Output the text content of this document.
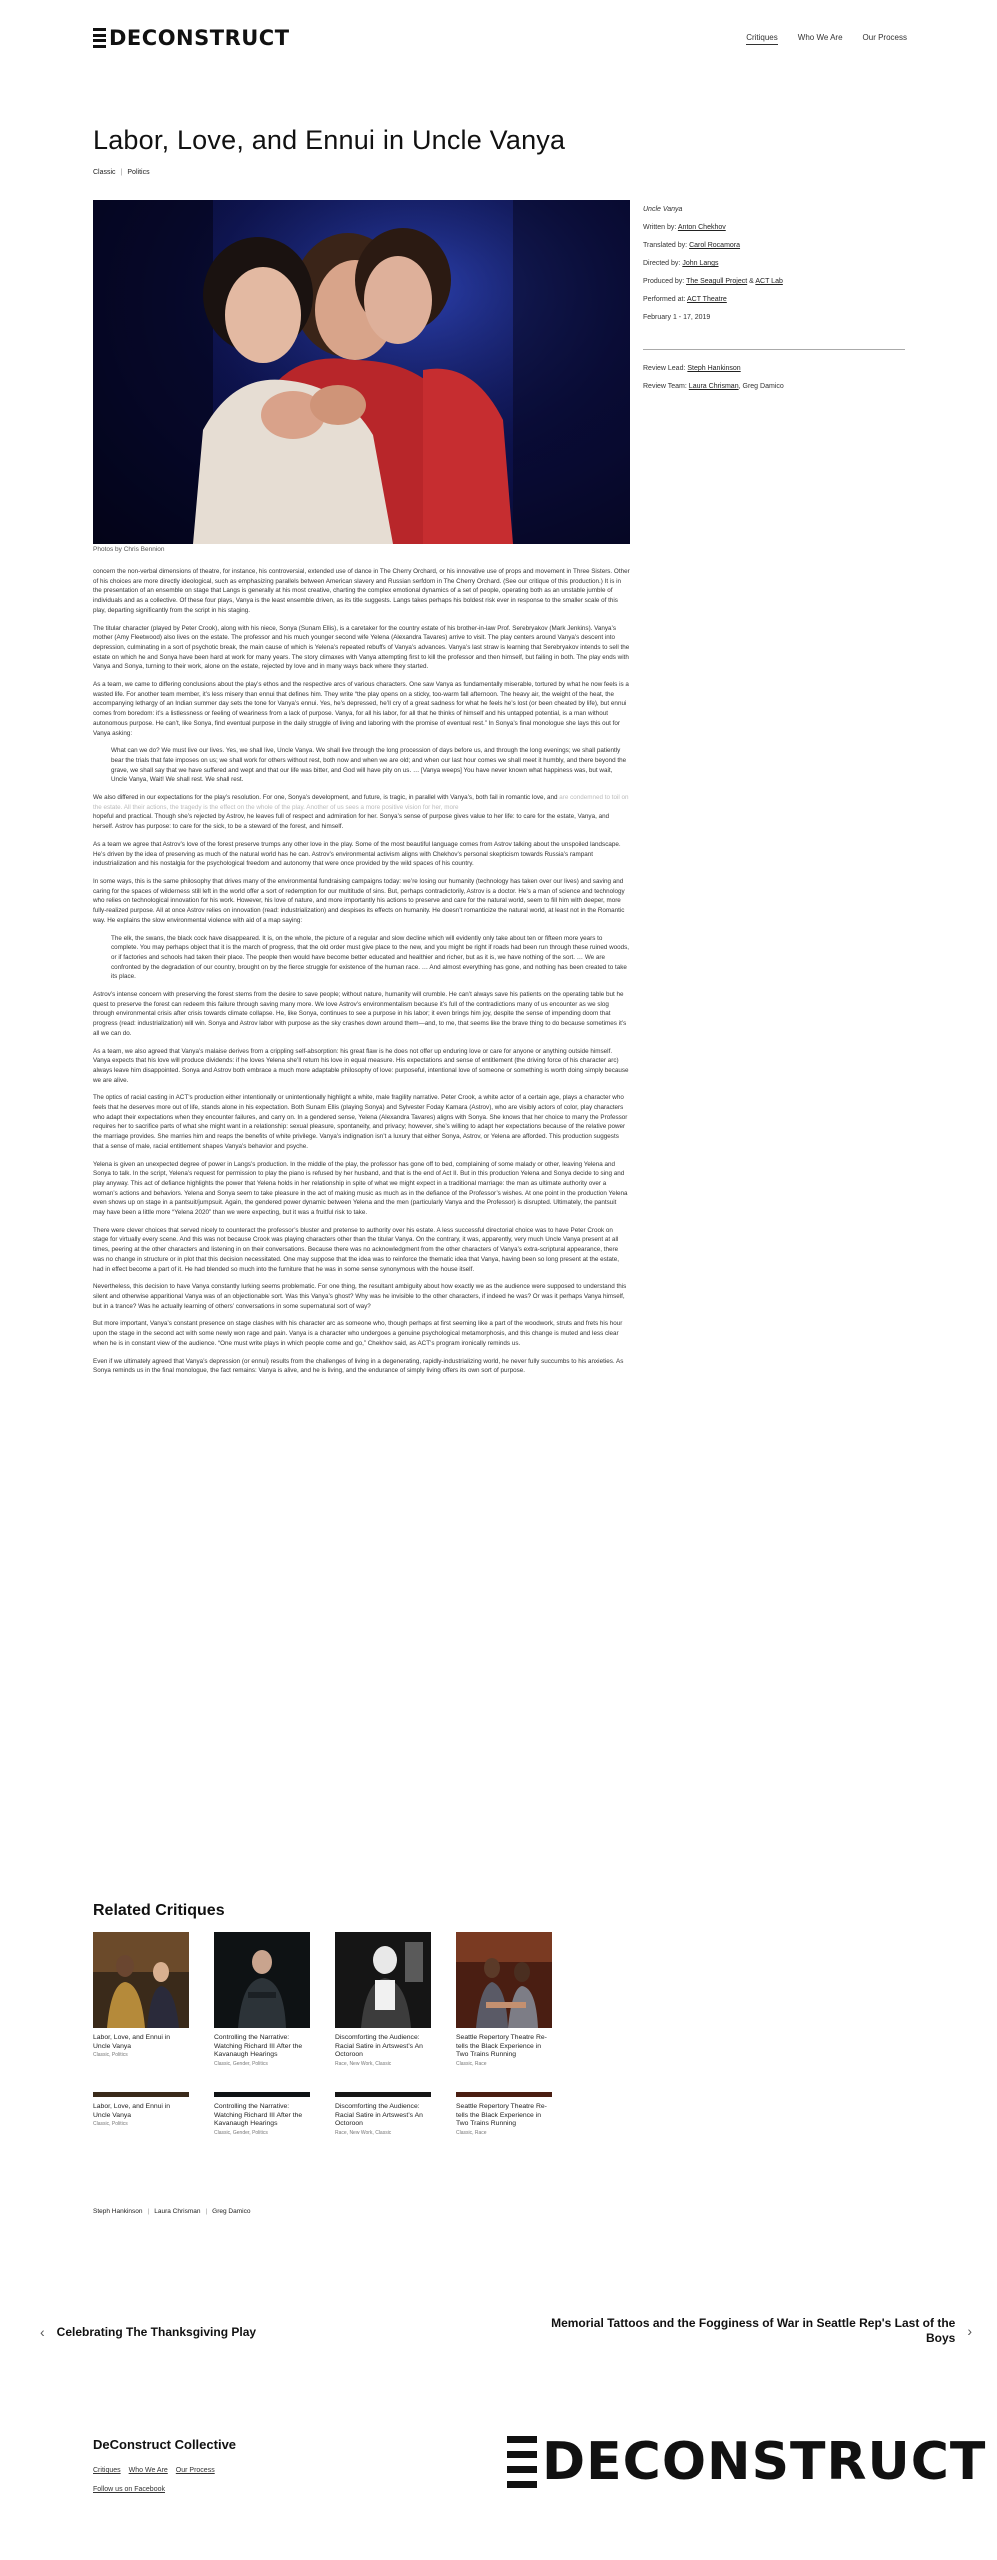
DECONSTRUCT	Critiques	Who We Are	Our Process
Labor, Love, and Ennui in Uncle Vanya
Classic | Politics
Photos by Chris Bennion
Uncle Vanya
Written by: Anton Chekhov
Translated by: Carol Rocamora
Directed by: John Langs
Produced by: The Seagull Project & ACT Lab
Performed at: ACT Theatre
February 1 - 17, 2019
Review Lead: Steph Hankinson
Review Team: Laura Chrisman, Greg Damico

concern the non-verbal dimensions of theatre, for instance, his controversial, extended use of dance in The Cherry Orchard, or his innovative use of props and movement in Three Sisters. Other of his choices are more directly ideological, such as emphasizing parallels between American slavery and Russian serfdom in The Cherry Orchard. (See our critique of this production.) It is in the presentation of an ensemble on stage that Langs is generally at his most creative, charting the complex emotional dynamics of a set of people, operating both as an unstable jumble of individuals and as a collective. Of these four plays, Vanya is the least ensemble driven, as its title suggests. Langs takes perhaps his boldest risk ever in response to the smaller scale of this play, departing significantly from the script in his staging.

The titular character (played by Peter Crook), along with his niece, Sonya (Sunam Ellis), is a caretaker for the country estate of his brother-in-law Prof. Serebryakov (Mark Jenkins). Vanya’s mother (Amy Fleetwood) also lives on the estate. The professor and his much younger second wife Yelena (Alexandra Tavares) arrive to visit. The play centers around Vanya’s descent into depression, culminating in a sort of psychotic break, the main cause of which is Yelena’s repeated rebuffs of Vanya’s advances. Vanya’s last straw is learning that Serebryakov intends to sell the estate on which he and Sonya have been hard at work for many years. The story climaxes with Vanya attempting first to kill the professor and then himself, but failing in both. The play ends with Vanya and Sonya, turning to their work, alone on the estate, rejected by love and in many ways back where they started.

As a team, we came to differing conclusions about the play’s ethos and the respective arcs of various characters. One saw Vanya as fundamentally miserable, tortured by what he now feels is a wasted life. For another team member, it’s less misery than ennui that defines him. They write “the play opens on a sticky, too-warm fall afternoon. The heavy air, the weight of the heat, the accompanying lethargy of an Indian summer day sets the tone for Vanya’s ennui. Yes, he’s depressed, he’ll cry of a great sadness for what he feels he’s lost (or been cheated by life), but ennui comes from boredom: it’s a listlessness or feeling of weariness from a lack of purpose. Vanya, for all his labor, for all that he thinks of himself and his untapped potential, is a man without autonomous purpose. He can’t, like Sonya, find eventual purpose in the daily struggle of living and laboring with the promise of eventual rest.” In Sonya’s final monologue she lays this out for Vanya asking:

What can we do? We must live our lives. Yes, we shall live, Uncle Vanya. We shall live through the long procession of days before us, and through the long evenings; we shall patiently bear the trials that fate imposes on us; we shall work for others without rest, both now and when we are old; and when our last hour comes we shall meet it humbly, and there beyond the grave, we shall say that we have suffered and wept and that our life was bitter, and God will have pity on us. … [Vanya weeps] You have never known what happiness was, but wait, Uncle Vanya, Wait! We shall rest. We shall rest.

We also differed in our expectations for the play’s resolution. For one, Sonya’s development, and future, is tragic, in parallel with Vanya’s, both fail in romantic love, and are condemned to toil on the estate. All their actions, the tragedy is the effect on the whole of the play. Another of us sees a more positive vision for her, more

hopeful and practical. Though she’s rejected by Astrov, he leaves full of respect and admiration for her. Sonya’s sense of purpose gives value to her life: to care for the estate, Vanya, and herself. Astrov has purpose: to care for the sick, to be a steward of the forest, and himself.

As a team we agree that Astrov’s love of the forest preserve trumps any other love in the play. Some of the most beautiful language comes from Astrov talking about the unspoiled landscape. He’s driven by the idea of preserving as much of the natural world has he can. Astrov’s environmental activism aligns with Chekhov’s personal skepticism towards Russia’s rampant industrialization and his nostalgia for the psychological freedom and autonomy that were once provided by the wild spaces of his country.

In some ways, this is the same philosophy that drives many of the environmental fundraising campaigns today: we’re losing our humanity (technology has taken over our lives) and saving and caring for the spaces of wilderness still left in the world offer a sort of redemption for our multitude of sins. But, perhaps contradictorily, Astrov is a doctor. He’s a man of science and technology who relies on technological innovation for his work. However, his love of nature, and more importantly his actions to preserve and care for the natural world, seem to fill him with deeper, more fully-realized purpose. All at once Astrov relies on innovation (read: industrialization) and despises its effects on humanity. He doesn’t romanticize the natural world, at least not in the Romantic way. He explains the slow environmental violence with aid of a map saying:

The elk, the swans, the black cock have disappeared. It is, on the whole, the picture of a regular and slow decline which will evidently only take about ten or fifteen more years to complete. You may perhaps object that it is the march of progress, that the old order must give place to the new, and you might be right if roads had been run through these ruined woods, or if factories and schools had taken their place. The people then would have become better educated and healthier and richer, but as it is, we have nothing of the sort. … We are confronted by the degradation of our country, brought on by the fierce struggle for existence of the human race. … And almost everything has gone, and nothing has been created to take its place.

Astrov’s intense concern with preserving the forest stems from the desire to save people; without nature, humanity will crumble. He can’t always save his patients on the operating table but he quest to preserve the forest can redeem this failure through saving many more. We love Astrov’s environmentalism because it’s full of the contradictions many of us encounter as we slog through environmental crisis after crisis towards climate collapse. He, like Sonya, continues to see a purpose in his labor; it even brings him joy, despite the sense of impending doom that progress (read: industrialization) will win. Sonya and Astrov labor with purpose as the sky crashes down around them—and, to me, that seems like the brave thing to do because sometimes it’s all we can do.

As a team, we also agreed that Vanya’s malaise derives from a crippling self-absorption: his great flaw is he does not offer up enduring love or care for anyone or anything outside himself. Vanya expects that his love will produce dividends: if he loves Yelena she’ll return his love in equal measure. His expectations and sense of entitlement (the driving force of his character arc) always leave him disappointed. Sonya and Astrov both embrace a much more adaptable philosophy of love: purposeful, intentional love of someone or something is worth doing simply because we are alive.

The optics of racial casting in ACT’s production either intentionally or unintentionally highlight a white, male fragility narrative. Peter Crook, a white actor of a certain age, plays a character who feels that he deserves more out of life, stands alone in his expectation. Both Sunam Ellis (playing Sonya) and Sylvester Foday Kamara (Astrov), who are visibly actors of color, play characters who adapt their expectations when they encounter failures, and carry on. In a gendered sense, Yelena (Alexandra Tavares) aligns with Sonya. She knows that her choice to marry the Professor requires her to sacrifice parts of what she might want in a relationship: sexual pleasure, spontaneity, and privacy; however, she’s willing to adapt her expectations because of the relative power the marriage provides. She marries him and reaps the benefits of white privilege. Vanya’s indignation isn’t a luxury that either Sonya, Astrov, or Yelena are afforded. This production suggests that a sense of male, racial entitlement shapes Vanya’s behavior and psyche.

Yelena is given an unexpected degree of power in Langs’s production. In the middle of the play, the professor has gone off to bed, complaining of some malady or other, leaving Yelena and Sonya to talk. In the script, Yelena’s request for permission to play the piano is refused by her husband, and that is the end of Act II. But in this production Yelena and Sonya decide to sing and play anyway. This act of defiance highlights the power that Yelena holds in her relationship in spite of what we might expect in a traditional marriage: the man as ultimate authority over a woman’s actions and behaviors. Yelena and Sonya seem to take pleasure in the act of making music as much as in the defiance of the Professor’s wishes. At one point in the production Yelena even shows up on stage in a pantsuit/jumpsuit. Again, the gendered power dynamic between Yelena and the men (particularly Vanya and the Professor) is disrupted. Ultimately, the pantsuit may have been a little more “Yelena 2020” than we were expecting, but it was a fruitful risk to take.

There were clever choices that served nicely to counteract the professor’s bluster and pretense to authority over his estate. A less successful directorial choice was to have Peter Crook on stage for virtually every scene. And this was not because Crook was playing characters other than the titular Vanya. On the contrary, it was, apparently, very much Uncle Vanya present at all times, peering at the other characters and listening in on their conversations. Because there was no acknowledgment from the other characters of Vanya’s extra-scriptural appearance, there was no change in structure or in plot that this decision necessitated. One may suppose that the idea was to reinforce the thematic idea that Vanya, having been so long present at the estate, had in effect become a part of it. He had blended so much into the furniture that he was in some sense synonymous with the house itself.

Nevertheless, this decision to have Vanya constantly lurking seems problematic. For one thing, the resultant ambiguity about how exactly we as the audience were supposed to understand this silent and otherwise apparitional Vanya was of an objectionable sort. Was this Vanya’s ghost? Why was he invisible to the other characters, if indeed he was? Or was it perhaps Vanya himself, but in a trance? Was he actually learning of others’ conversations in some supernatural sort of way?

But more important, Vanya’s constant presence on stage clashes with his character arc as someone who, though perhaps at first seeming like a part of the woodwork, struts and frets his hour upon the stage in the second act with some newly won rage and pain. Vanya is a character who undergoes a genuine psychological metamorphosis, and this change is muted and less clear when he is in constant view of the audience. “One must write plays in which people come and go,” Chekhov said, as ACT’s program ironically reminds us.

Even if we ultimately agreed that Vanya’s depression (or ennui) results from the challenges of living in a degenerating, rapidly-industrializing world, he never fully succumbs to his anxieties. As Sonya reminds us in the final monologue, the fact remains: Vanya is alive, and he is living, and the endurance of simply living offers its own sort of purpose.

Related Critiques
Labor, Love, and Ennui in Uncle Vanya
Classic, Politics
Controlling the Narrative: Watching Richard III After the Kavanaugh Hearings
Classic, Gender, Politics
Discomforting the Audience: Racial Satire in Artswest’s An Octoroon
Race, New Work, Classic
Seattle Repertory Theatre Re-tells the Black Experience in Two Trains Running
Classic, Race
Labor, Love, and Ennui in Uncle Vanya
Classic, Politics
Controlling the Narrative: Watching Richard III After the Kavanaugh Hearings
Classic, Gender, Politics
Discomforting the Audience: Racial Satire in Artswest’s An Octoroon
Race, New Work, Classic
Seattle Repertory Theatre Re-tells the Black Experience in Two Trains Running
Classic, Race
Steph Hankinson | Laura Chrisman | Greg Damico
‹ Celebrating The Thanksgiving Play
Memorial Tattoos and the Fogginess of War in Seattle Rep's Last of the Boys ›
DeConstruct Collective
Critiques Who We Are Our Process
Follow us on Facebook	DECONSTRUCT
